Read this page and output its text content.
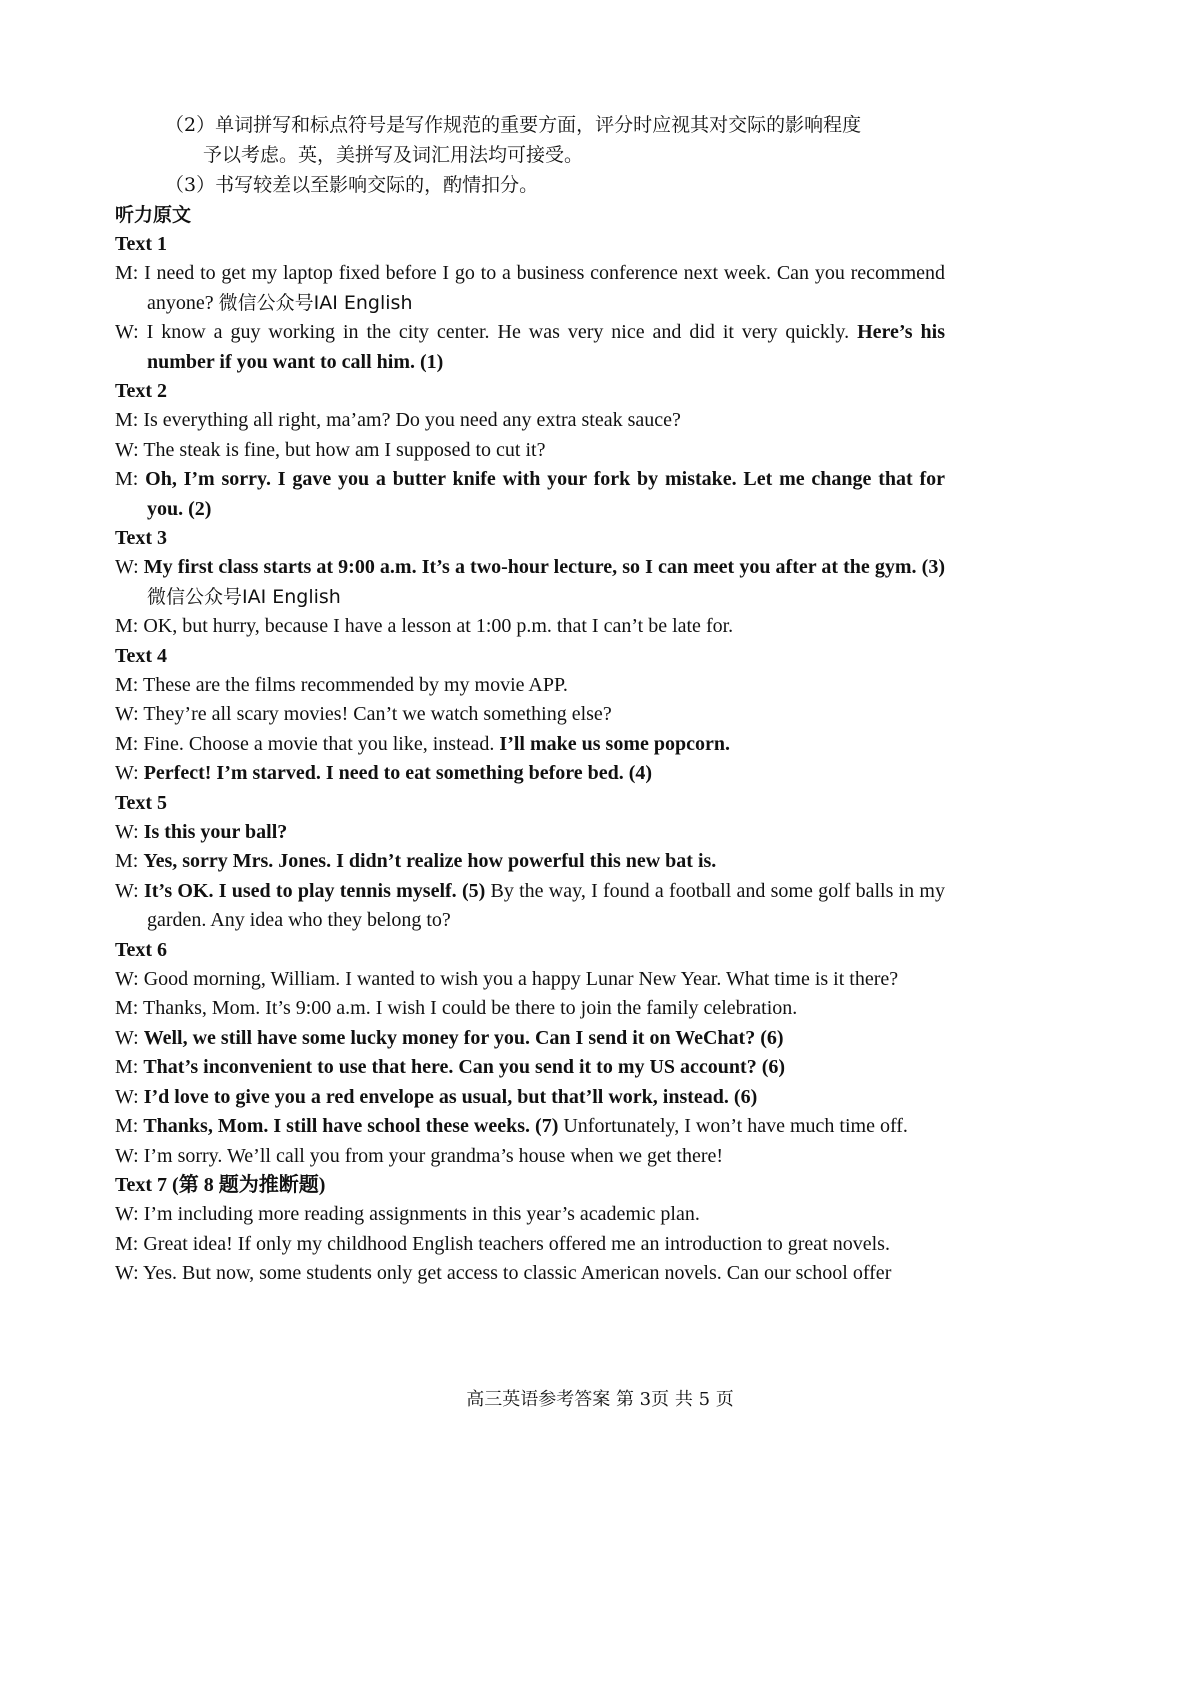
（2）单词拼写和标点符号是写作规范的重要方面，评分时应视其对交际的影响程度
予以考虑。英，美拼写及词汇用法均可接受。

（3）书写较差以至影响交际的，酌情扣分。

听力原文

Text 1

M: I need to get my laptop fixed before I go to a business conference next week. Can you recommend anyone? 微信公众号IAI English

W: I know a guy working in the city center. He was very nice and did it very quickly. Here’s his number if you want to call him. (1)

Text 2

M: Is everything all right, ma’am? Do you need any extra steak sauce?

W: The steak is fine, but how am I supposed to cut it?

M: Oh, I’m sorry. I gave you a butter knife with your fork by mistake. Let me change that for you. (2)

Text 3

W: My first class starts at 9:00 a.m. It’s a two-hour lecture, so I can meet you after at the gym. (3) 微信公众号IAI English

M: OK, but hurry, because I have a lesson at 1:00 p.m. that I can’t be late for.

Text 4

M: These are the films recommended by my movie APP.

W: They’re all scary movies! Can’t we watch something else?

M: Fine. Choose a movie that you like, instead. I’ll make us some popcorn.

W: Perfect! I’m starved. I need to eat something before bed. (4)

Text 5

W: Is this your ball?

M: Yes, sorry Mrs. Jones. I didn’t realize how powerful this new bat is.

W: It’s OK. I used to play tennis myself. (5) By the way, I found a football and some golf balls in my garden. Any idea who they belong to?

Text 6

W: Good morning, William. I wanted to wish you a happy Lunar New Year. What time is it there?

M: Thanks, Mom. It’s 9:00 a.m. I wish I could be there to join the family celebration.

W: Well, we still have some lucky money for you. Can I send it on WeChat? (6)

M: That’s inconvenient to use that here. Can you send it to my US account? (6)

W: I’d love to give you a red envelope as usual, but that’ll work, instead. (6)

M: Thanks, Mom. I still have school these weeks. (7) Unfortunately, I won’t have much time off.

W: I’m sorry. We’ll call you from your grandma’s house when we get there!

Text 7 (第 8 题为推断题)

W: I’m including more reading assignments in this year’s academic plan.

M: Great idea! If only my childhood English teachers offered me an introduction to great novels.

W: Yes. But now, some students only get access to classic American novels. Can our school offer

高三英语参考答案 第 3页 共 5 页
